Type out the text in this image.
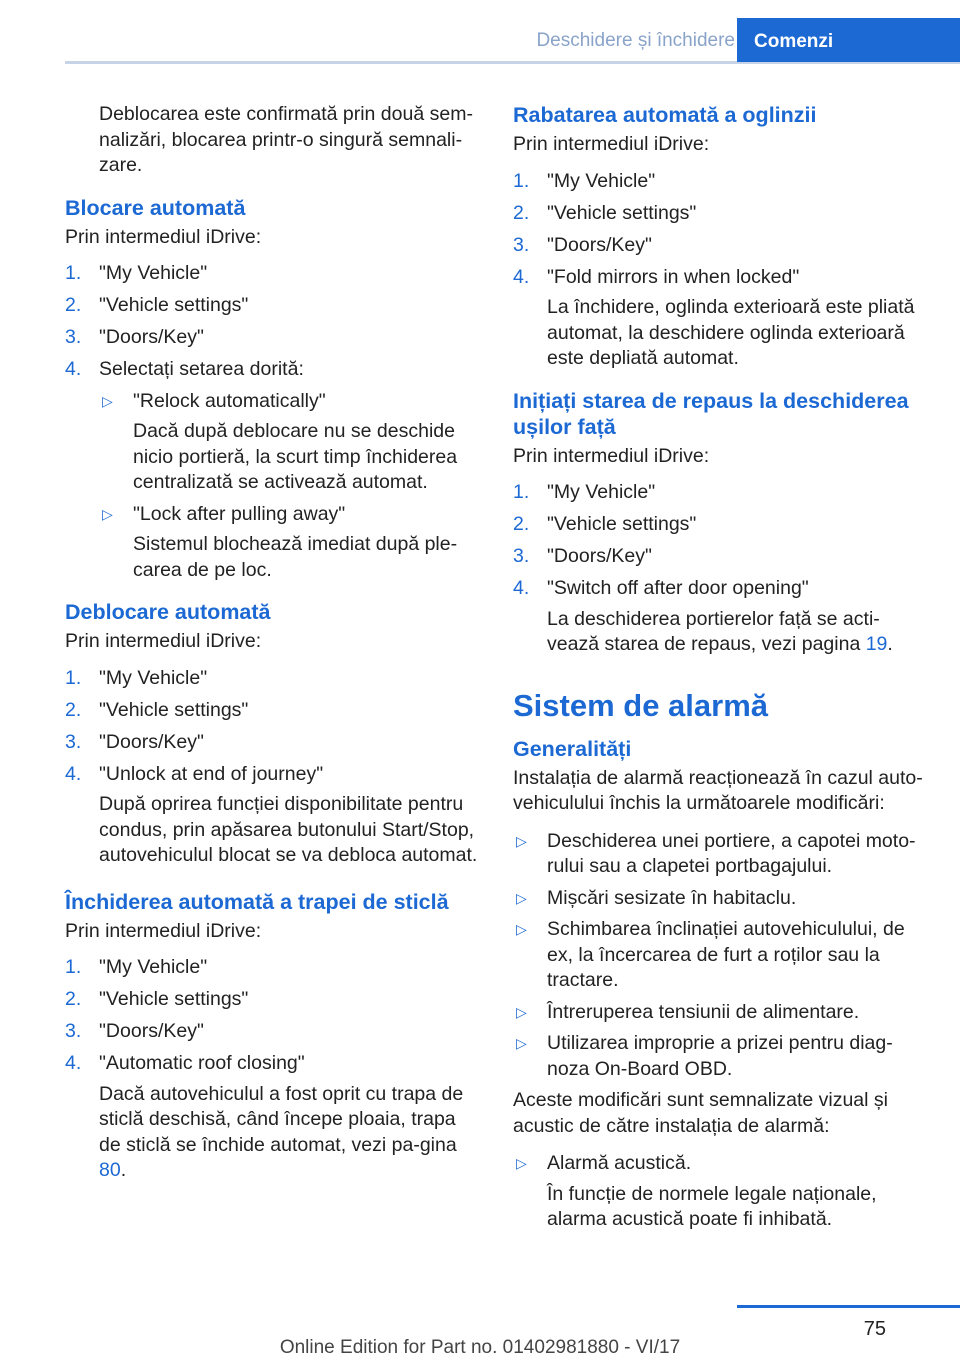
Deschidere și închidere	Comenzi

Deblocarea este confirmată prin două sem‐nalizări, blocarea printr-o singură semnali‐zare.

Blocare automată

Prin intermediul iDrive:

1. "My Vehicle"
2. "Vehicle settings"
3. "Doors/Key"
4. Selectați setarea dorită:
▷ "Relock automatically"

Dacă după deblocare nu se deschide nicio portieră, la scurt timp închiderea centralizată se activează automat.

▷ "Lock after pulling away"

Sistemul blochează imediat după ple‐carea de pe loc.

Deblocare automată

Prin intermediul iDrive:

1. "My Vehicle"
2. "Vehicle settings"
3. "Doors/Key"
4. "Unlock at end of journey"

După oprirea funcției disponibilitate pentru condus, prin apăsarea butonului Start/Stop, autovehiculul blocat se va debloca automat.

Închiderea automată a trapei de sticlă

Prin intermediul iDrive:

1. "My Vehicle"
2. "Vehicle settings"
3. "Doors/Key"
4. "Automatic roof closing"

Dacă autovehiculul a fost oprit cu trapa de sticlă deschisă, când începe ploaia, trapa de sticlă se închide automat, vezi pa‐gina 80.

Rabatarea automată a oglinzii

Prin intermediul iDrive:

1. "My Vehicle"
2. "Vehicle settings"
3. "Doors/Key"
4. "Fold mirrors in when locked"

La închidere, oglinda exterioară este pliată automat, la deschidere oglinda exterioară este depliată automat.

Inițiați starea de repaus la deschiderea ușilor față

Prin intermediul iDrive:

1. "My Vehicle"
2. "Vehicle settings"
3. "Doors/Key"
4. "Switch off after door opening"

La deschiderea portierelor față se acti‐vează starea de repaus, vezi pagina 19.

Sistem de alarmă
Generalități

Instalația de alarmă reacționează în cazul auto‐vehiculului închis la următoarele modificări:

▷ Deschiderea unei portiere, a capotei moto‐rului sau a clapetei portbagajului.
▷ Mișcări sesizate în habitaclu.
▷ Schimbarea înclinației autovehiculului, de ex, la încercarea de furt a roților sau la tractare.
▷ Întreruperea tensiunii de alimentare.
▷ Utilizarea improprie a prizei pentru diag‐noza On-Board OBD.

Aceste modificări sunt semnalizate vizual și acustic de către instalația de alarmă:

▷ Alarmă acustică.

În funcție de normele legale naționale, alarma acustică poate fi inhibată.

75
Online Edition for Part no. 01402981880 - VI/17
